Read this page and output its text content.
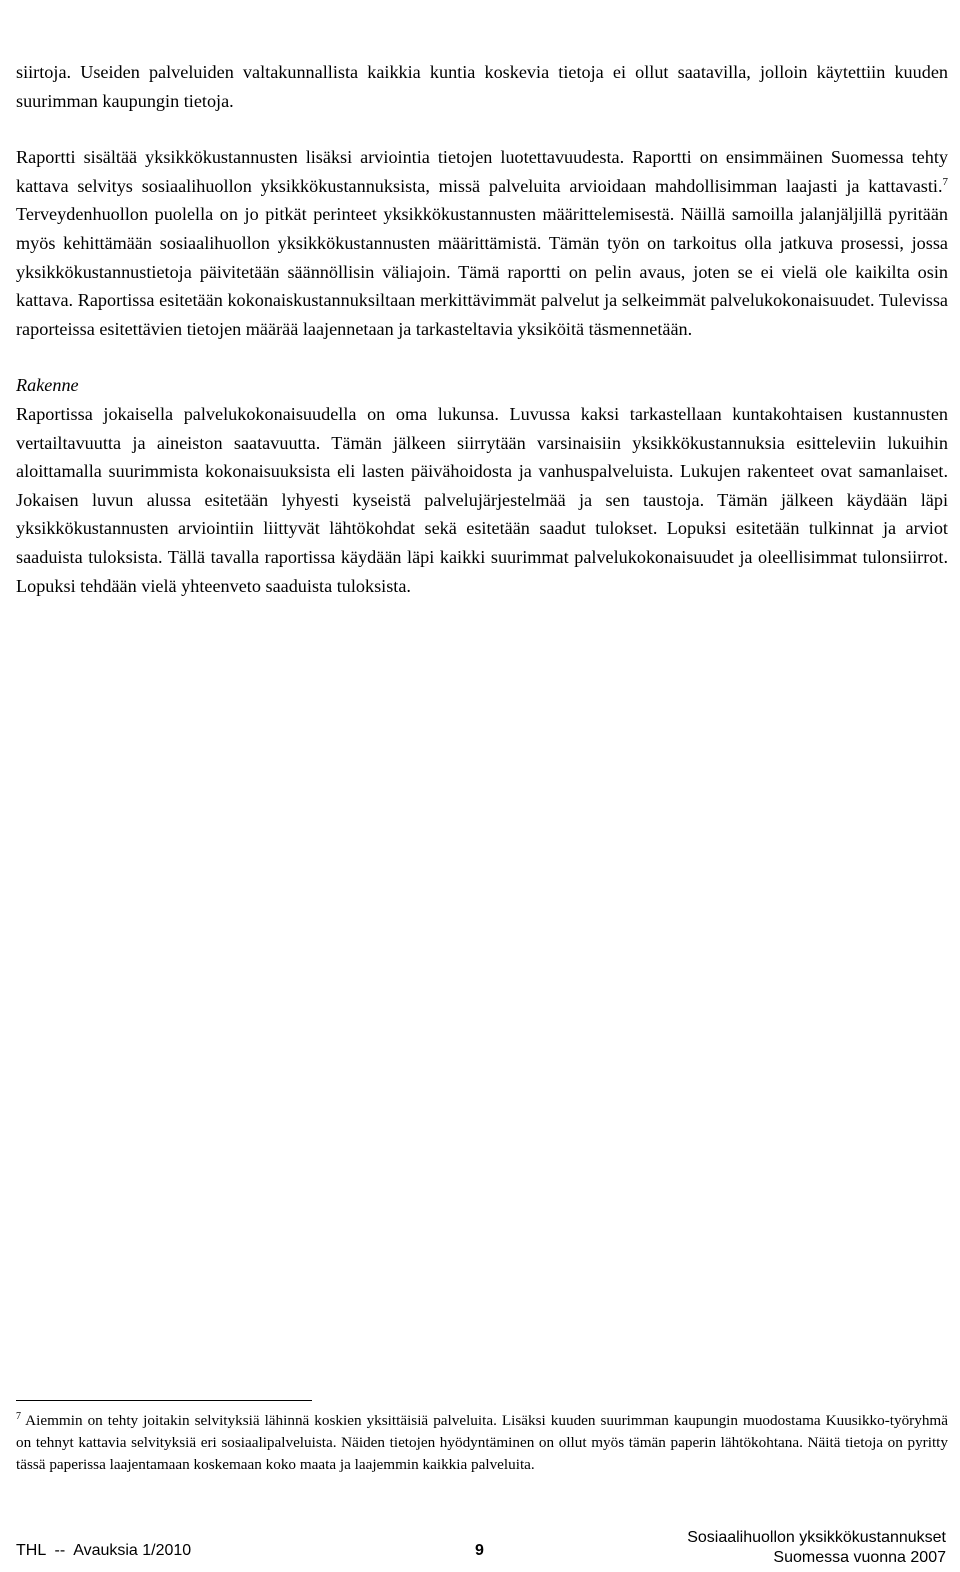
siirtoja. Useiden palveluiden valtakunnallista kaikkia kuntia koskevia tietoja ei ollut saatavilla, jolloin käytettiin kuuden suurimman kaupungin tietoja.

Raportti sisältää yksikkökustannusten lisäksi arviointia tietojen luotettavuudesta. Raportti on ensimmäinen Suomessa tehty kattava selvitys sosiaalihuollon yksikkökustannuksista, missä palveluita arvioidaan mahdollisimman laajasti ja kattavasti.$^7$ Terveydenhuollon puolella on jo pitkät perinteet yksikkökustannusten määrittelemisestä. Näillä samoilla jalanjäljillä pyritään myös kehittämään sosiaalihuollon yksikkökustannusten määrittämistä. Tämän työn on tarkoitus olla jatkuva prosessi, jossa yksikkökustannustietoja päivitetään säännöllisin väliajoin. Tämä raportti on pelin avaus, joten se ei vielä ole kaikilta osin kattava. Raportissa esitetään kokonaiskustannuksiltaan merkittävimmät palvelut ja selkeimmät palvelukokonaisuudet. Tulevissa raporteissa esitettävien tietojen määrää laajennetaan ja tarkasteltavia yksiköitä täsmennetään.

Rakenne

Raportissa jokaisella palvelukokonaisuudella on oma lukunsa. Luvussa kaksi tarkastellaan kuntakohtaisen kustannusten vertailtavuutta ja aineiston saatavuutta. Tämän jälkeen siirrytään varsinaisiin yksikkökustannuksia esitteleviin lukuihin aloittamalla suurimmista kokonaisuuksista eli lasten päivähoidosta ja vanhuspalveluista. Lukujen rakenteet ovat samanlaiset. Jokaisen luvun alussa esitetään lyhyesti kyseistä palvelujärjestelmää ja sen taustoja. Tämän jälkeen käydään läpi yksikkökustannusten arviointiin liittyvät lähtökohdat sekä esitetään saadut tulokset. Lopuksi esitetään tulkinnat ja arviot saaduista tuloksista. Tällä tavalla raportissa käydään läpi kaikki suurimmat palvelukokonaisuudet ja oleellisimmat tulonsiirrot. Lopuksi tehdään vielä yhteenveto saaduista tuloksista.

$^7$ Aiemmin on tehty joitakin selvityksiä lähinnä koskien yksittäisiä palveluita. Lisäksi kuuden suurimman kaupungin muodostama Kuusikko-työryhmä on tehnyt kattavia selvityksiä eri sosiaalipalveluista. Näiden tietojen hyödyntäminen on ollut myös tämän paperin lähtökohtana. Näitä tietoja on pyritty tässä paperissa laajentamaan koskemaan koko maata ja laajemmin kaikkia palveluita.

THL  --  Avauksia 1/2010	9
Sosiaalihuollon yksikkökustannukset
Suomessa vuonna 2007
